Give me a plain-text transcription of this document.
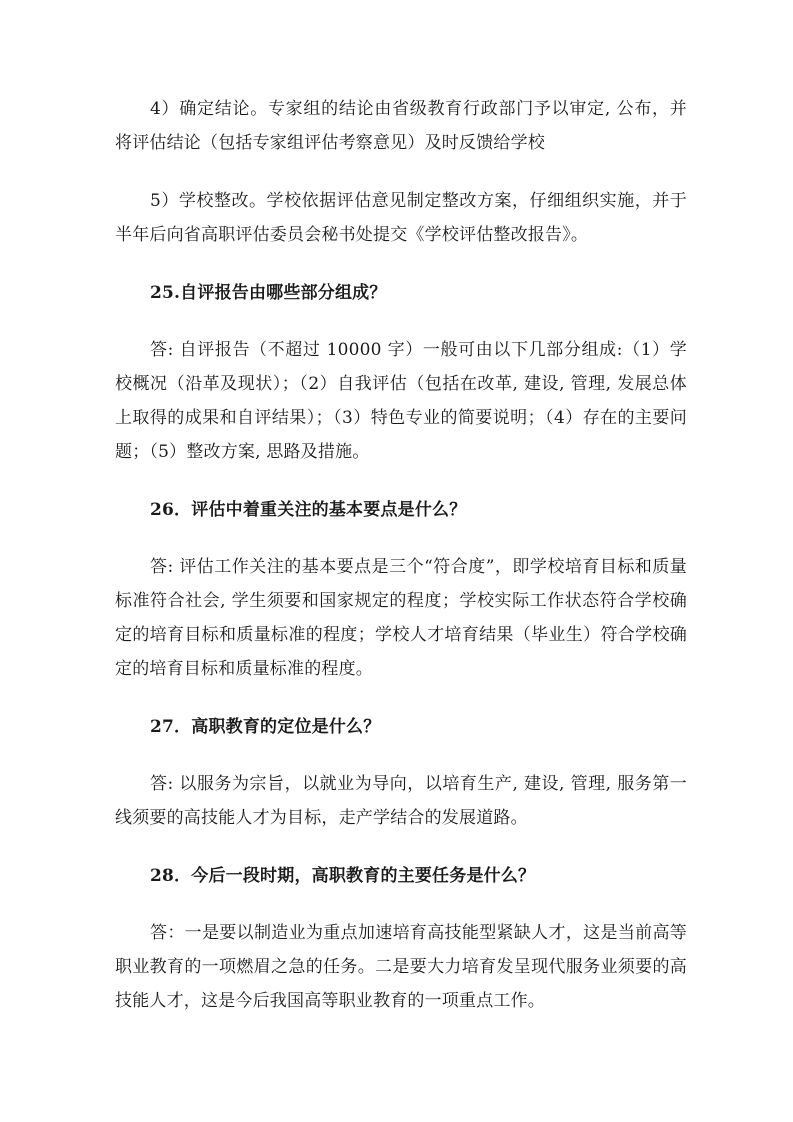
4）确定结论。专家组的结论由省级教育行政部门予以审定, 公布，并将评估结论（包括专家组评估考察意见）及时反馈给学校

5）学校整改。学校依据评估意见制定整改方案，仔细组织实施，并于半年后向省高职评估委员会秘书处提交《学校评估整改报告》。

25.自评报告由哪些部分组成？

答: 自评报告（不超过 10000 字）一般可由以下几部分组成:（1）学校概况（沿革及现状）；（2）自我评估（包括在改革, 建设, 管理, 发展总体上取得的成果和自评结果）；（3）特色专业的简要说明；（4）存在的主要问题；（5）整改方案, 思路及措施。

26．评估中着重关注的基本要点是什么？

答: 评估工作关注的基本要点是三个“符合度”，即学校培育目标和质量标准符合社会, 学生须要和国家规定的程度；学校实际工作状态符合学校确定的培育目标和质量标准的程度；学校人才培育结果（毕业生）符合学校确定的培育目标和质量标准的程度。

27．高职教育的定位是什么？

答: 以服务为宗旨，以就业为导向，以培育生产, 建设, 管理, 服务第一线须要的高技能人才为目标，走产学结合的发展道路。

28．今后一段时期，高职教育的主要任务是什么？

答：一是要以制造业为重点加速培育高技能型紧缺人才，这是当前高等职业教育的一项燃眉之急的任务。二是要大力培育发呈现代服务业须要的高技能人才，这是今后我国高等职业教育的一项重点工作。
